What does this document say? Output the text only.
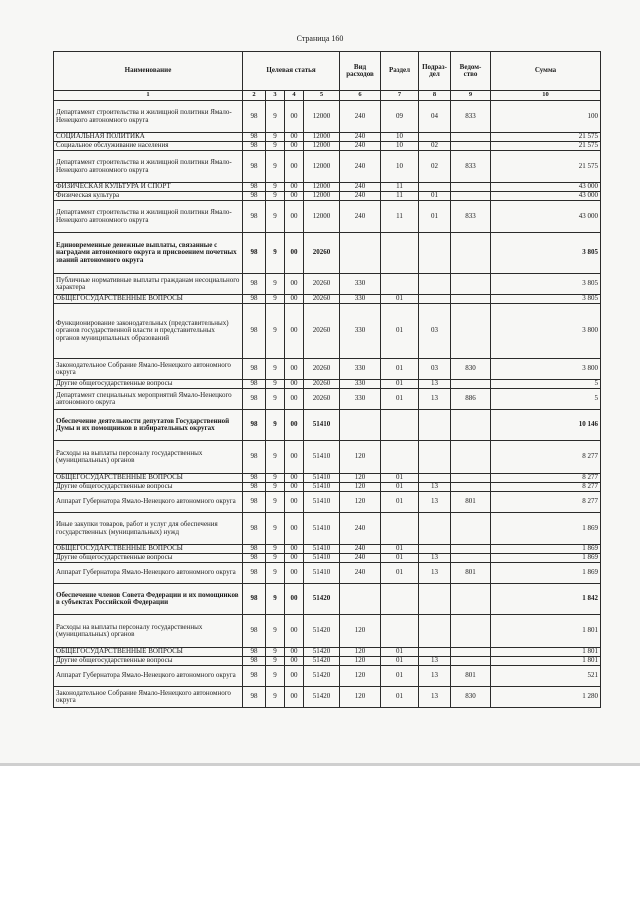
Страница 160
Наименование	Целевая статья				Вид расходов	Раздел	Подраз-дел	Ведом-ство	Сумма
1	2	3	4	5	6	7	8	9	10
Департамент строительства и жилищной политики Ямало-Ненецкого автономного округа	98	9	00	12000	240	09	04	833	100
СОЦИАЛЬНАЯ ПОЛИТИКА	98	9	00	12000	240	10			21 575
Социальное обслуживание населения	98	9	00	12000	240	10	02		21 575
Департамент строительства и жилищной политики Ямало-Ненецкого автономного округа	98	9	00	12000	240	10	02	833	21 575
ФИЗИЧЕСКАЯ КУЛЬТУРА И СПОРТ	98	9	00	12000	240	11			43 000
Физическая культура	98	9	00	12000	240	11	01		43 000
Департамент строительства и жилищной политики Ямало-Ненецкого автономного округа	98	9	00	12000	240	11	01	833	43 000
Единовременные денежные выплаты, связанные с наградами автономного округа и присвоением почетных званий автономного округа	98	9	00	20260					3 805
Публичные нормативные выплаты гражданам несоциального характера	98	9	00	20260	330				3 805
ОБЩЕГОСУДАРСТВЕННЫЕ ВОПРОСЫ	98	9	00	20260	330	01			3 805
Функционирование законодательных (представительных) органов государственной власти и представительных органов муниципальных образований	98	9	00	20260	330	01	03		3 800
Законодательное Собрание Ямало-Ненецкого автономного округа	98	9	00	20260	330	01	03	830	3 800
Другие общегосударственные вопросы	98	9	00	20260	330	01	13		5
Департамент специальных мероприятий Ямало-Ненецкого автономного округа	98	9	00	20260	330	01	13	886	5
Обеспечение деятельности депутатов Государственной Думы и их помощников в избирательных округах	98	9	00	51410					10 146
Расходы на выплаты персоналу государственных (муниципальных) органов	98	9	00	51410	120				8 277
ОБЩЕГОСУДАРСТВЕННЫЕ ВОПРОСЫ	98	9	00	51410	120	01			8 277
Другие общегосударственные вопросы	98	9	00	51410	120	01	13		8 277
Аппарат Губернатора Ямало-Ненецкого автономного округа	98	9	00	51410	120	01	13	801	8 277
Иные закупки товаров, работ и услуг для обеспечения государственных (муниципальных) нужд	98	9	00	51410	240				1 869
ОБЩЕГОСУДАРСТВЕННЫЕ ВОПРОСЫ	98	9	00	51410	240	01			1 869
Другие общегосударственные вопросы	98	9	00	51410	240	01	13		1 869
Аппарат Губернатора Ямало-Ненецкого автономного округа	98	9	00	51410	240	01	13	801	1 869
Обеспечение членов Совета Федерации и их помощников в субъектах Российской Федерации	98	9	00	51420					1 842
Расходы на выплаты персоналу государственных (муниципальных) органов	98	9	00	51420	120				1 801
ОБЩЕГОСУДАРСТВЕННЫЕ ВОПРОСЫ	98	9	00	51420	120	01			1 801
Другие общегосударственные вопросы	98	9	00	51420	120	01	13		1 801
Аппарат Губернатора Ямало-Ненецкого автономного округа	98	9	00	51420	120	01	13	801	521
Законодательное Собрание Ямало-Ненецкого автономного округа	98	9	00	51420	120	01	13	830	1 280
